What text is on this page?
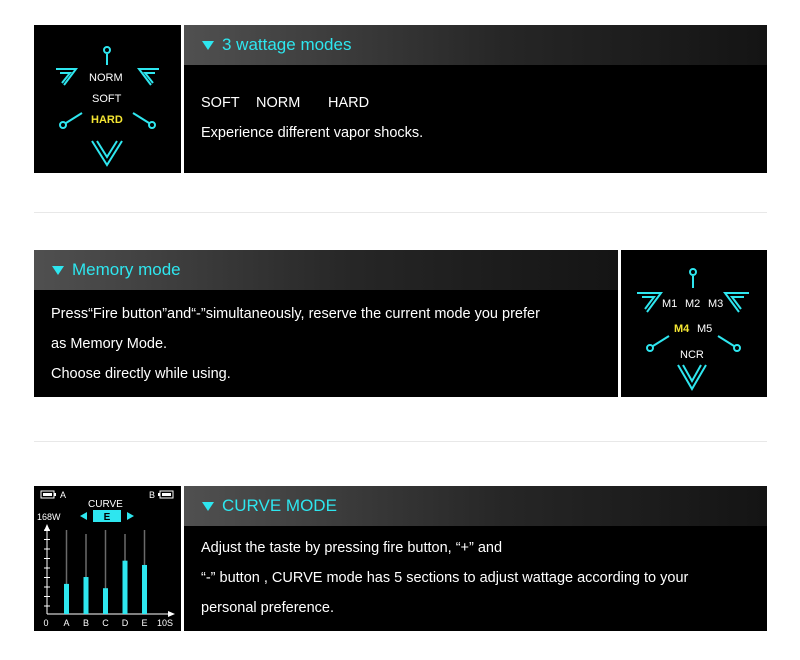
NORM
SOFT
HARD
3 wattage modes
SOFT NORM HARD
Experience different vapor shocks.
Memory mode
Press“Fire button”and“-”simultaneously, reserve the current mode you prefer
as Memory Mode.
Choose directly while using.
M1 M2 M3
M4 M5
NCR
A	B
CURVE
168W	E
0 A B C D E 10S
CURVE MODE
Adjust the taste by pressing fire button, “+” and
“-” button , CURVE mode has 5 sections to adjust wattage according to your
personal preference.
